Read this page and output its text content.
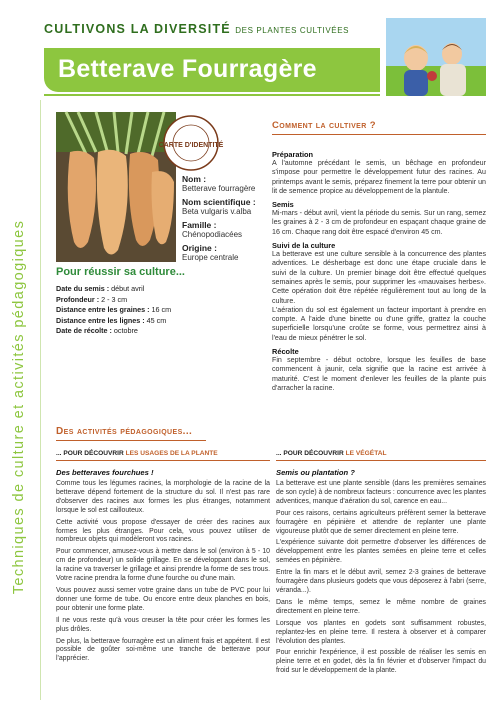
CULTIVONS LA DIVERSITÉ DES PLANTES CULTIVÉES
Betterave Fourragère
Techniques de culture et activités pédagogiques
CARTE D'IDENTITÉ
Nom :
Betterave fourragère
Nom scientifique :
Beta vulgaris v.alba
Famille :
Chénopodiacées
Origine :
Europe centrale
Pour réussir sa culture...
Date du semis : début avril
Profondeur : 2 - 3 cm
Distance entre les graines : 16 cm
Distance entre les lignes : 45 cm
Date de récolte : octobre
Comment la cultiver ?
Préparation
A l'automne précédant le semis, un bêchage en profondeur s'impose pour permettre le développement futur des racines. Au printemps avant le semis, préparez finement la terre pour obtenir un lit de semence propice au développement de la plantule.
Semis
Mi-mars - début avril, vient la période du semis. Sur un rang, semez les graines à 2 - 3 cm de profondeur en espaçant chaque graine de 16 cm. Chaque rang doit être espacé d'environ 45 cm.
Suivi de la culture
La betterave est une culture sensible à la concurrence des plantes adventices. Le désherbage est donc une étape cruciale dans le suivi de la culture. Un premier binage doit être effectué quelques semaines après le semis, pour supprimer les «mauvaises herbes». Cette opération doit être répétée régulièrement tout au long de la culture.
L'aération du sol est également un facteur important à prendre en compte. A l'aide d'une binette ou d'une griffe, grattez la couche superficielle lorsqu'une croûte se forme, vous permettrez ainsi à l'eau de mieux pénétrer le sol.
Récolte
Fin septembre - début octobre, lorsque les feuilles de base commencent à jaunir, cela signifie que la racine est arrivée à maturité. C'est le moment d'enlever les feuilles de la plante puis d'arracher la racine.
Des activités pédagogiques...
... POUR DÉCOUVRIR LES USAGES DE LA PLANTE	... POUR DÉCOUVRIR LE VÉGÉTAL
Des betteraves fourchues !
Comme tous les légumes racines, la morphologie de la racine de la betterave dépend fortement de la structure du sol. Il n'est pas rare d'observer des racines aux formes les plus étranges, notamment lorsque le sol est caillouteux.
Cette activité vous propose d'essayer de créer des racines aux formes les plus étranges. Pour cela, vous pouvez utiliser de nombreux objets qui modèleront vos racines.
Pour commencer, amusez-vous à mettre dans le sol (environ à 5 - 10 cm de profondeur) un solide grillage. En se développant dans le sol, la racine va traverser le grillage et ainsi prendre la forme de ses trous. Votre racine prendra la forme d'une fourche ou d'une main.
Vous pouvez aussi semer votre graine dans un tube de PVC pour lui donner une forme de tube. Ou encore entre deux planches en bois, pour obtenir une forme plate.
Il ne vous reste qu'à vous creuser la tête pour créer les formes les plus drôles.
De plus, la betterave fourragère est un aliment frais et appétent. Il est possible de goûter soi-même une tranche de betterave pour l'apprécier.
Semis ou plantation ?
La betterave est une plante sensible (dans les premières semaines de son cycle) à de nombreux facteurs : concurrence avec les plantes adventices, manque d'aération du sol, carence en eau...
Pour ces raisons, certains agriculteurs préfèrent semer la betterave fourragère en pépinière et attendre de replanter une plante vigoureuse plutôt que de semer directement en pleine terre.
L'expérience suivante doit permettre d'observer les différences de développement entre les plantes semées en pleine terre et celles semées en pépinière.
Entre la fin mars et le début avril, semez 2-3 graines de betterave fourragère dans plusieurs godets que vous déposerez à l'abri (serre, véranda...).
Dans le même temps, semez le même nombre de graines directement en pleine terre.
Lorsque vos plantes en godets sont suffisamment robustes, replantez-les en pleine terre. Il restera à observer et à comparer l'évolution des plantes.
Pour enrichir l'expérience, il est possible de réaliser les semis en pleine terre et en godet, dès la fin février et d'observer l'impact du froid sur le développement de la plante.
